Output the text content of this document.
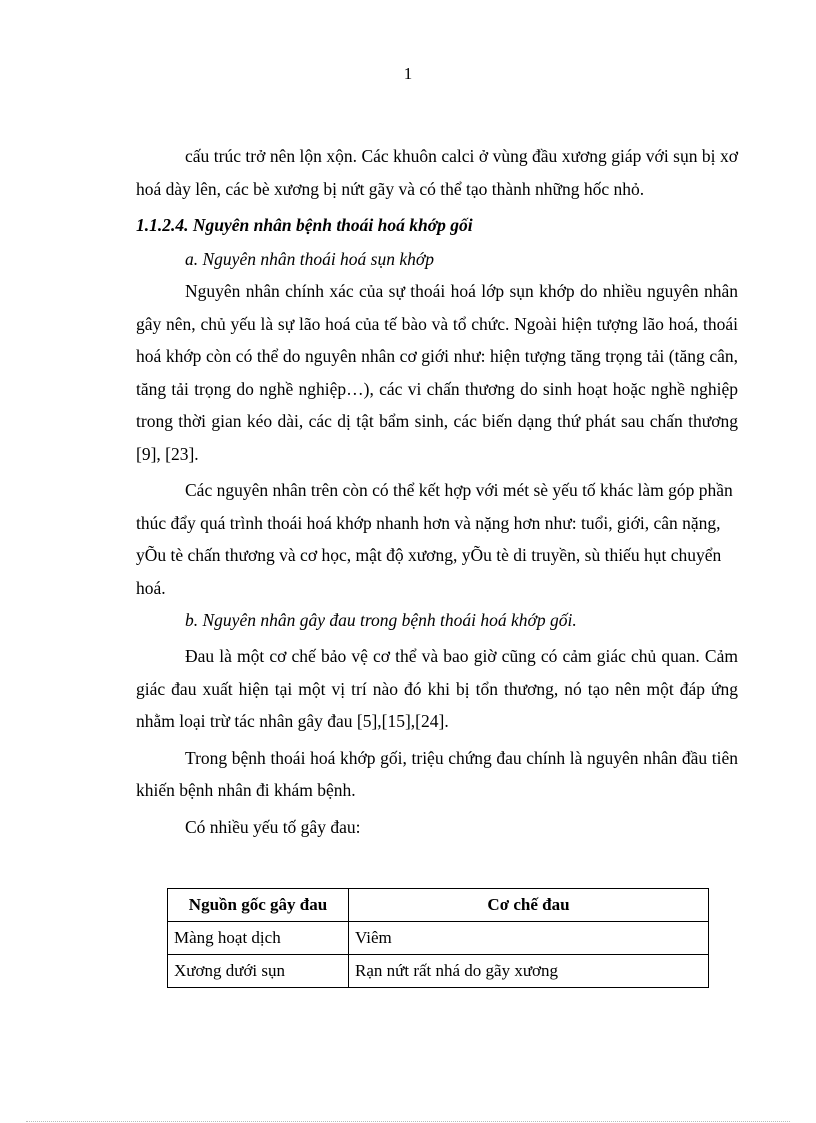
1

cấu trúc trở nên lộn xộn. Các khuôn calci ở vùng đầu xương giáp với sụn bị xơ hoá dày lên, các bè xương bị nứt gãy và có thể tạo thành những hốc nhỏ.

1.1.2.4. Nguyên nhân bệnh thoái hoá khớp gối

a. Nguyên nhân thoái hoá sụn khớp

Nguyên nhân chính xác của sự thoái hoá lớp sụn khớp do nhiều nguyên nhân gây nên, chủ yếu là sự lão hoá của tế bào và tổ chức. Ngoài hiện tượng lão hoá, thoái hoá khớp còn có thể do nguyên nhân cơ giới như: hiện tượng tăng trọng tải (tăng cân, tăng tải trọng do nghề nghiệp…), các vi chấn thương do sinh hoạt hoặc nghề nghiệp trong thời gian kéo dài, các dị tật bẩm sinh, các biến dạng thứ phát sau chấn thương [9], [23].

Các nguyên nhân trên còn có thể kết hợp với mét sè yếu tố khác làm góp phần thúc đẩy quá trình thoái hoá khớp nhanh hơn và nặng hơn như: tuổi, giới, cân nặng, yÕu tè chấn thương và cơ học, mật độ xương, yÕu tè di truyền, sù thiếu hụt chuyển hoá.

b. Nguyên nhân gây đau trong bệnh thoái hoá khớp gối.

Đau là một cơ chế bảo vệ cơ thể và bao giờ cũng có cảm giác chủ quan. Cảm giác đau xuất hiện tại một vị trí nào đó khi bị tổn thương, nó tạo nên một đáp ứng nhằm loại trừ tác nhân gây đau [5],[15],[24].

Trong bệnh thoái hoá khớp gối, triệu chứng đau chính là nguyên nhân đầu tiên khiến bệnh nhân đi khám bệnh.

Có nhiều yếu tố gây đau:

Nguồn gốc gây đau	Cơ chế đau
Màng hoạt dịch	Viêm
Xương dưới sụn	Rạn nứt rất nhá do gãy xương
